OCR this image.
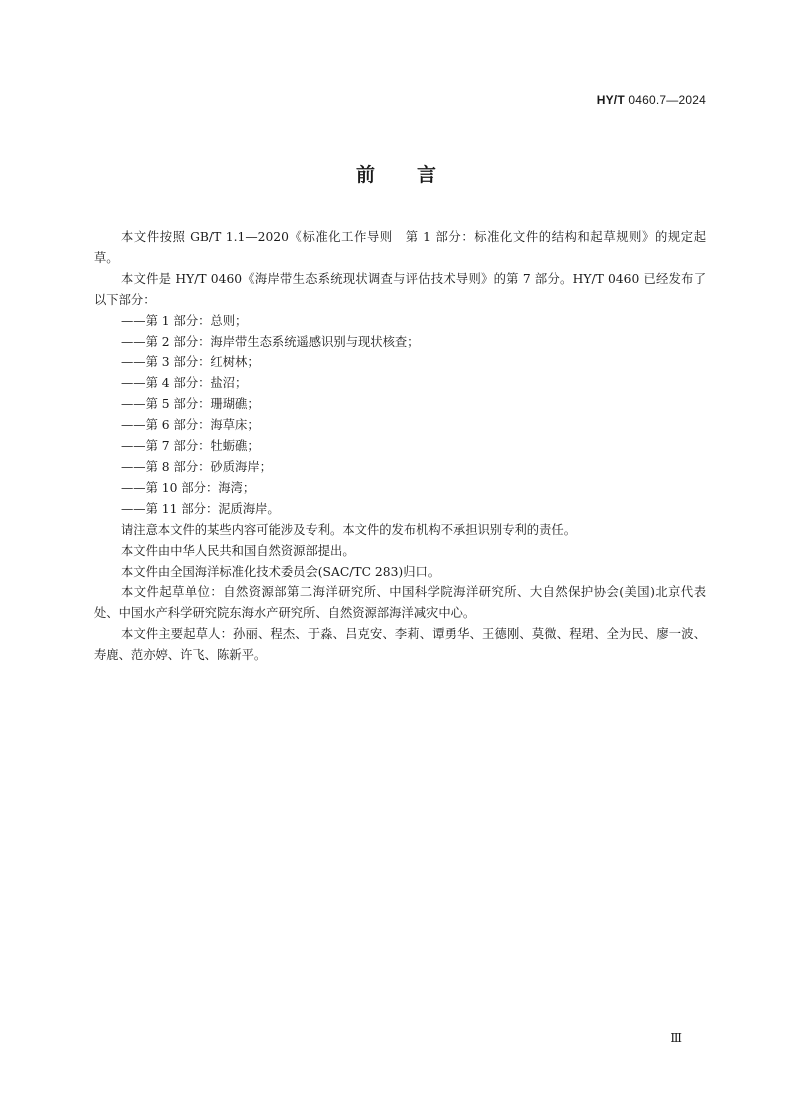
HY/T 0460.7—2024
前言

本文件按照 GB/T 1.1—2020《标准化工作导则　第 1 部分：标准化文件的结构和起草规则》的规定起草。

本文件是 HY/T 0460《海岸带生态系统现状调查与评估技术导则》的第 7 部分。HY/T 0460 已经发布了以下部分：

——第 1 部分：总则；
——第 2 部分：海岸带生态系统遥感识别与现状核查；
——第 3 部分：红树林；
——第 4 部分：盐沼；
——第 5 部分：珊瑚礁；
——第 6 部分：海草床；
——第 7 部分：牡蛎礁；
——第 8 部分：砂质海岸；
——第 10 部分：海湾；
——第 11 部分：泥质海岸。

请注意本文件的某些内容可能涉及专利。本文件的发布机构不承担识别专利的责任。

本文件由中华人民共和国自然资源部提出。

本文件由全国海洋标准化技术委员会(SAC/TC 283)归口。

本文件起草单位：自然资源部第二海洋研究所、中国科学院海洋研究所、大自然保护协会(美国)北京代表处、中国水产科学研究院东海水产研究所、自然资源部海洋减灾中心。

本文件主要起草人：孙丽、程杰、于淼、吕克安、李莉、谭勇华、王德刚、莫微、程珺、全为民、廖一波、寿鹿、范亦婷、许飞、陈新平。

Ⅲ
